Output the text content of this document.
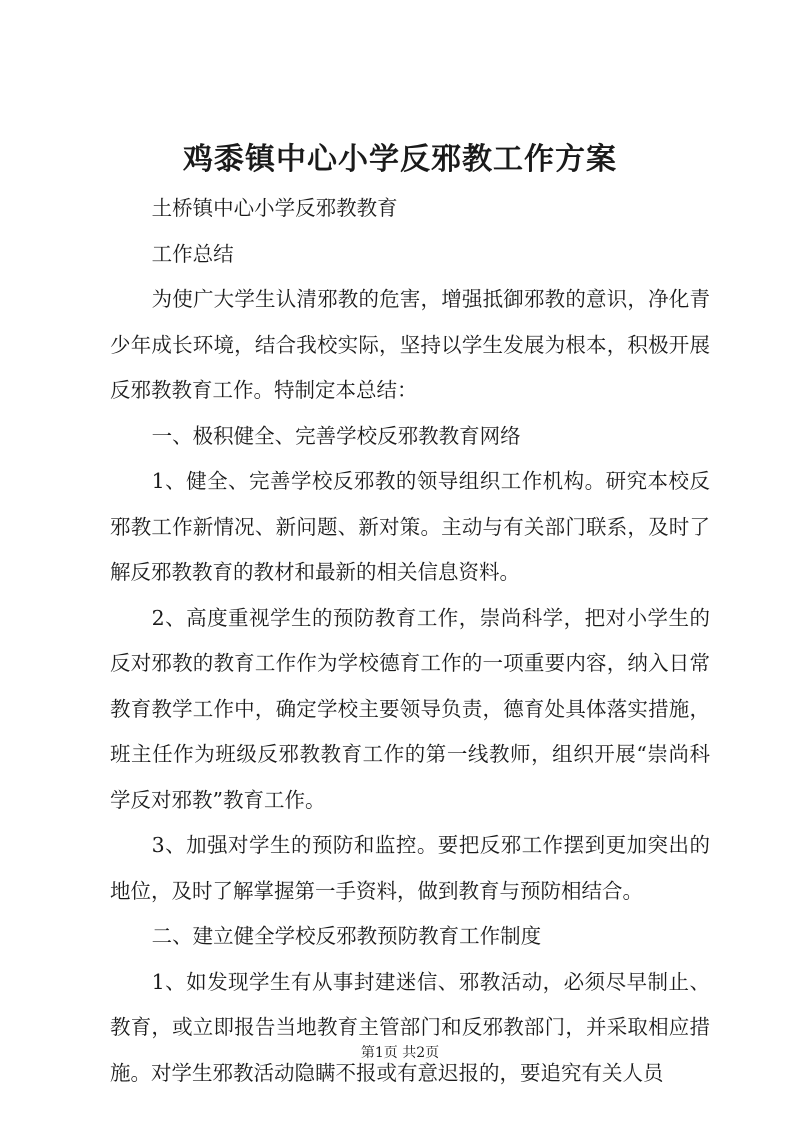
鸡黍镇中心小学反邪教工作方案

土桥镇中心小学反邪教教育

工作总结

为使广大学生认清邪教的危害，增强抵御邪教的意识，净化青少年成长环境，结合我校实际，坚持以学生发展为根本，积极开展反邪教教育工作。特制定本总结：

一、极积健全、完善学校反邪教教育网络

1、健全、完善学校反邪教的领导组织工作机构。研究本校反邪教工作新情况、新问题、新对策。主动与有关部门联系，及时了解反邪教教育的教材和最新的相关信息资料。

2、高度重视学生的预防教育工作，崇尚科学，把对小学生的反对邪教的教育工作作为学校德育工作的一项重要内容，纳入日常教育教学工作中，确定学校主要领导负责，德育处具体落实措施，班主任作为班级反邪教教育工作的第一线教师，组织开展“崇尚科学反对邪教”教育工作。

3、加强对学生的预防和监控。要把反邪工作摆到更加突出的地位，及时了解掌握第一手资料，做到教育与预防相结合。

二、建立健全学校反邪教预防教育工作制度

1、如发现学生有从事封建迷信、邪教活动，必须尽早制止、教育，或立即报告当地教育主管部门和反邪教部门，并采取相应措施。对学生邪教活动隐瞒不报或有意迟报的，要追究有关人员

第1页 共2页
